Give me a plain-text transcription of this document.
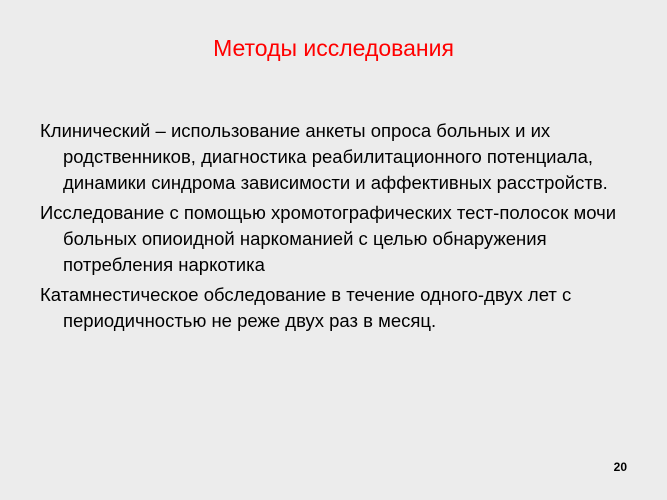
Методы исследования
Клинический – использование анкеты опроса больных и их родственников, диагностика реабилитационного потенциала, динамики синдрома зависимости и аффективных расстройств.
Исследование с помощью хромотографических тест-полосок мочи больных опиоидной наркоманией с целью обнаружения потребления наркотика
Катамнестическое обследование в течение одного-двух лет с периодичностью не реже двух раз в месяц.
20
